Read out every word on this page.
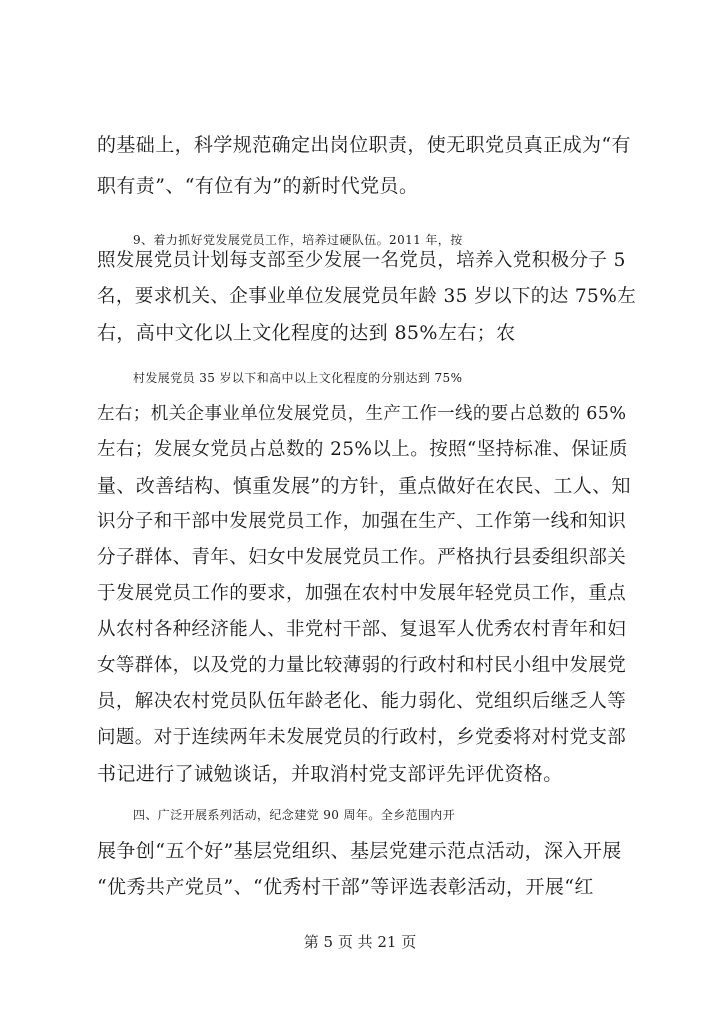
的基础上，科学规范确定出岗位职责，使无职党员真正成为“有
职有责”、“有位有为”的新时代党员。
9、着力抓好党发展党员工作，培养过硬队伍。2011 年，按
照发展党员计划每支部至少发展一名党员，培养入党积极分子 5
名，要求机关、企事业单位发展党员年龄 35 岁以下的达 75%左
右，高中文化以上文化程度的达到 85%左右；农
村发展党员 35 岁以下和高中以上文化程度的分别达到 75%
左右；机关企事业单位发展党员，生产工作一线的要占总数的 65%
左右；发展女党员占总数的 25%以上。按照“坚持标准、保证质
量、改善结构、慎重发展”的方针，重点做好在农民、工人、知
识分子和干部中发展党员工作，加强在生产、工作第一线和知识
分子群体、青年、妇女中发展党员工作。严格执行县委组织部关
于发展党员工作的要求，加强在农村中发展年轻党员工作，重点
从农村各种经济能人、非党村干部、复退军人优秀农村青年和妇
女等群体，以及党的力量比较薄弱的行政村和村民小组中发展党
员，解决农村党员队伍年龄老化、能力弱化、党组织后继乏人等
问题。对于连续两年未发展党员的行政村，乡党委将对村党支部
书记进行了诫勉谈话，并取消村党支部评先评优资格。
四、广泛开展系列活动，纪念建党 90 周年。全乡范围内开
展争创“五个好”基层党组织、基层党建示范点活动，深入开展
“优秀共产党员”、“优秀村干部”等评选表彰活动，开展“红
第 5 页 共 21 页
